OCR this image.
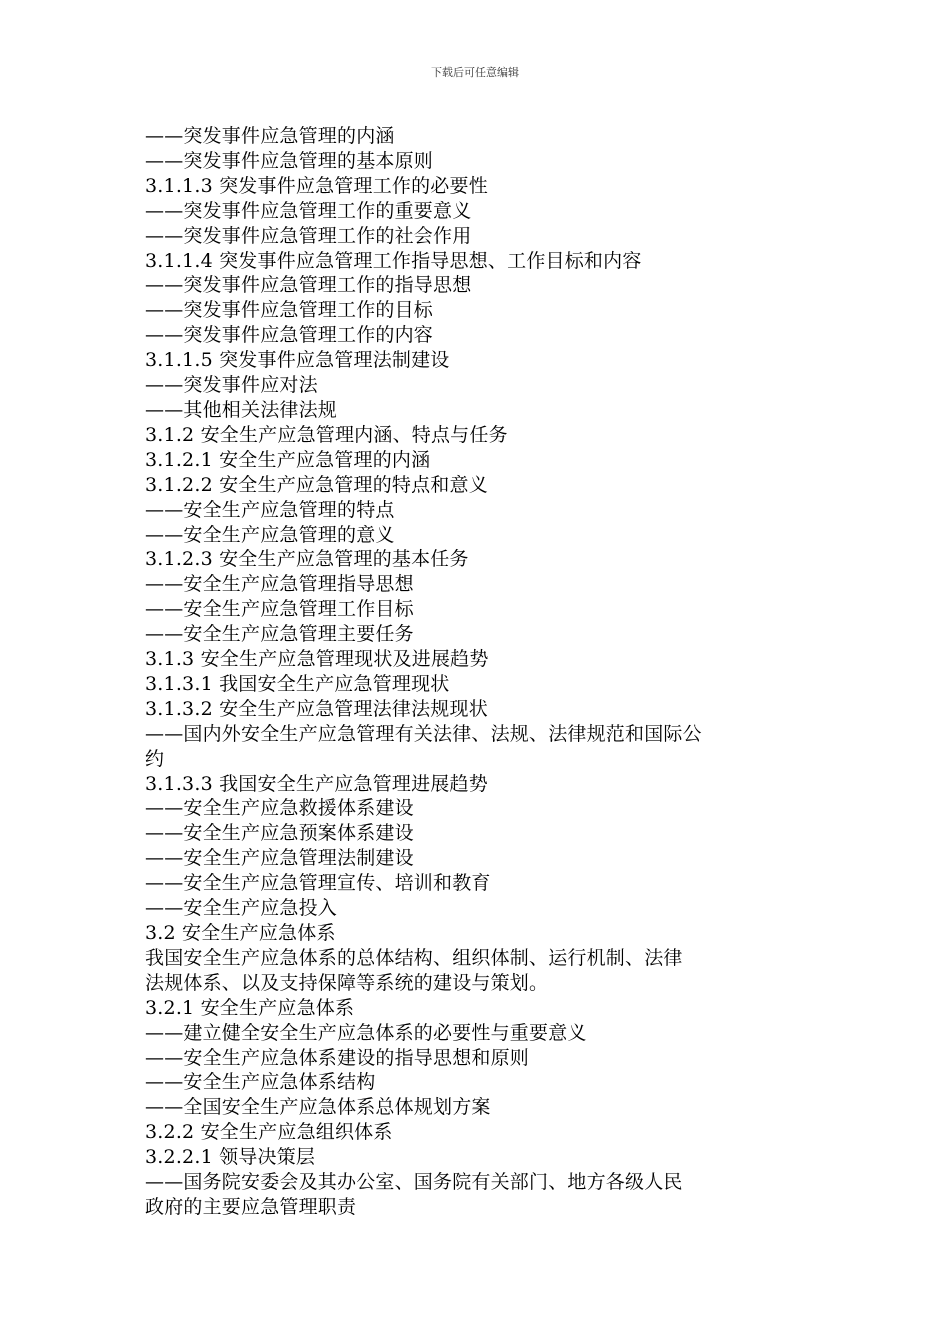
下载后可任意编辑
——突发事件应急管理的内涵
——突发事件应急管理的基本原则
3.1.1.3 突发事件应急管理工作的必要性
——突发事件应急管理工作的重要意义
——突发事件应急管理工作的社会作用
3.1.1.4 突发事件应急管理工作指导思想、工作目标和内容
——突发事件应急管理工作的指导思想
——突发事件应急管理工作的目标
——突发事件应急管理工作的内容
3.1.1.5 突发事件应急管理法制建设
——突发事件应对法
——其他相关法律法规
3.1.2 安全生产应急管理内涵、特点与任务
3.1.2.1 安全生产应急管理的内涵
3.1.2.2 安全生产应急管理的特点和意义
——安全生产应急管理的特点
——安全生产应急管理的意义
3.1.2.3 安全生产应急管理的基本任务
——安全生产应急管理指导思想
——安全生产应急管理工作目标
——安全生产应急管理主要任务
3.1.3 安全生产应急管理现状及进展趋势
3.1.3.1 我国安全生产应急管理现状
3.1.3.2 安全生产应急管理法律法规现状
——国内外安全生产应急管理有关法律、法规、法律规范和国际公
约
3.1.3.3 我国安全生产应急管理进展趋势
——安全生产应急救援体系建设
——安全生产应急预案体系建设
——安全生产应急管理法制建设
——安全生产应急管理宣传、培训和教育
——安全生产应急投入
3.2 安全生产应急体系
我国安全生产应急体系的总体结构、组织体制、运行机制、法律
法规体系、以及支持保障等系统的建设与策划。
3.2.1 安全生产应急体系
——建立健全安全生产应急体系的必要性与重要意义
——安全生产应急体系建设的指导思想和原则
——安全生产应急体系结构
——全国安全生产应急体系总体规划方案
3.2.2 安全生产应急组织体系
3.2.2.1 领导决策层
——国务院安委会及其办公室、国务院有关部门、地方各级人民
政府的主要应急管理职责
